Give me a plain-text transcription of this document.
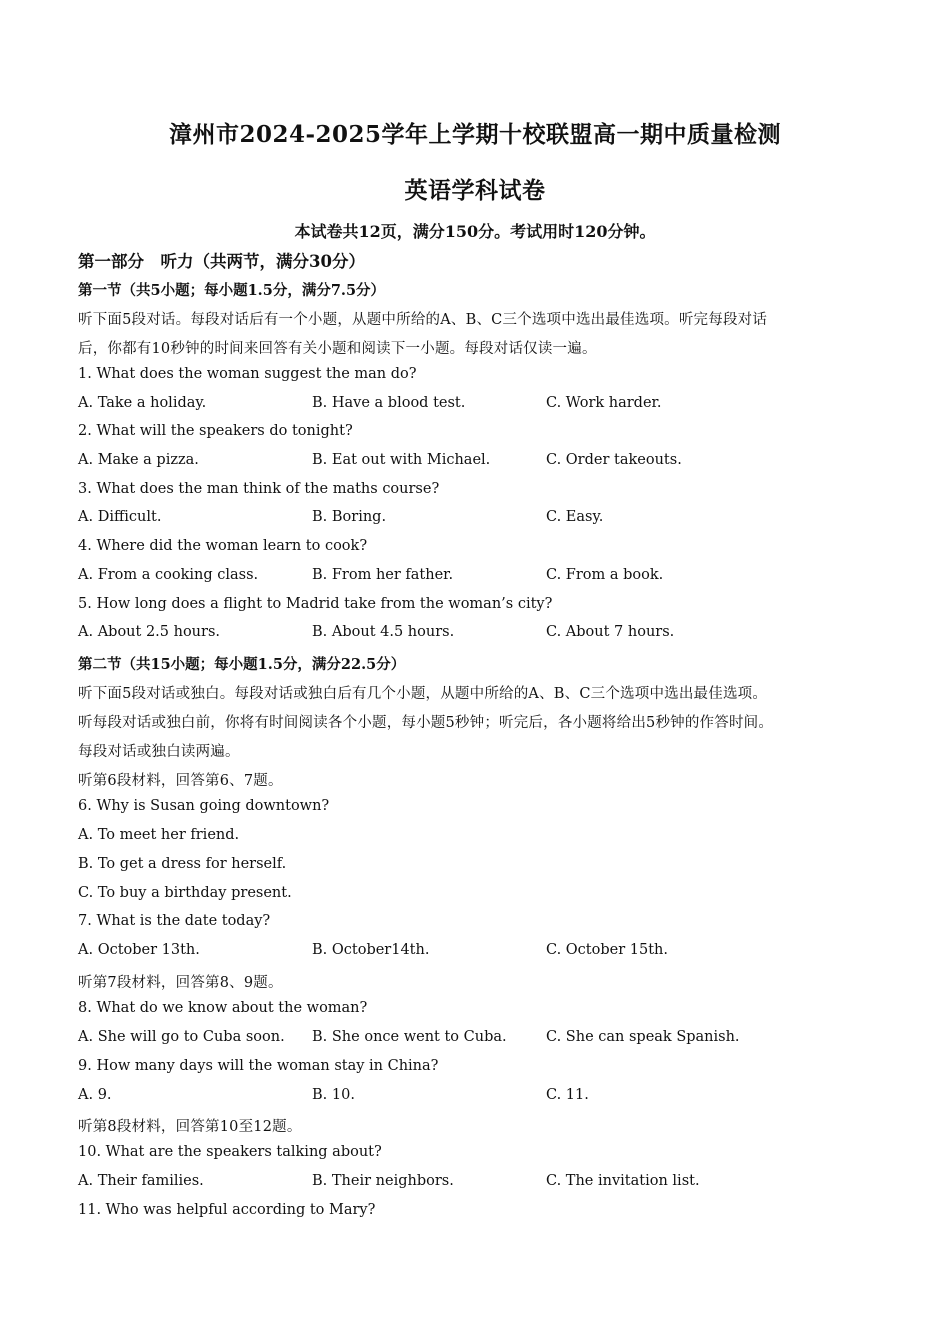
漳州市2024-2025学年上学期十校联盟高一期中质量检测
英语学科试卷
本试卷共12页，满分150分。考试用时120分钟。
第一部分　听力（共两节，满分30分）
第一节（共5小题；每小题1.5分，满分7.5分）
听下面5段对话。每段对话后有一个小题，从题中所给的A、B、C三个选项中选出最佳选项。听完每段对话
后，你都有10秒钟的时间来回答有关小题和阅读下一小题。每段对话仅读一遍。
1. What does the woman suggest the man do?
A. Take a holiday.	B. Have a blood test.	C. Work harder.
2. What will the speakers do tonight?
A. Make a pizza.	B. Eat out with Michael.	C. Order takeouts.
3. What does the man think of the maths course?
A. Difficult.	B. Boring.	C. Easy.
4. Where did the woman learn to cook?
A. From a cooking class.	B. From her father.	C. From a book.
5. How long does a flight to Madrid take from the woman’s city?
A. About 2.5 hours.	B. About 4.5 hours.	C. About 7 hours.
第二节（共15小题；每小题1.5分，满分22.5分）
听下面5段对话或独白。每段对话或独白后有几个小题，从题中所给的A、B、C三个选项中选出最佳选项。
听每段对话或独白前，你将有时间阅读各个小题，每小题5秒钟；听完后，各小题将给出5秒钟的作答时间。
每段对话或独白读两遍。
听第6段材料，回答第6、7题。
6. Why is Susan going downtown?
A. To meet her friend.
B. To get a dress for herself.
C. To buy a birthday present.
7. What is the date today?
A. October 13th.	B. October14th.	C. October 15th.
听第7段材料，回答第8、9题。
8. What do we know about the woman?
A. She will go to Cuba soon. B. She once went to Cuba.	C. She can speak Spanish.
9. How many days will the woman stay in China?
A. 9.	B. 10.	C. 11.
听第8段材料，回答第10至12题。
10. What are the speakers talking about?
A. Their families.	B. Their neighbors.	C. The invitation list.
11. Who was helpful according to Mary?
